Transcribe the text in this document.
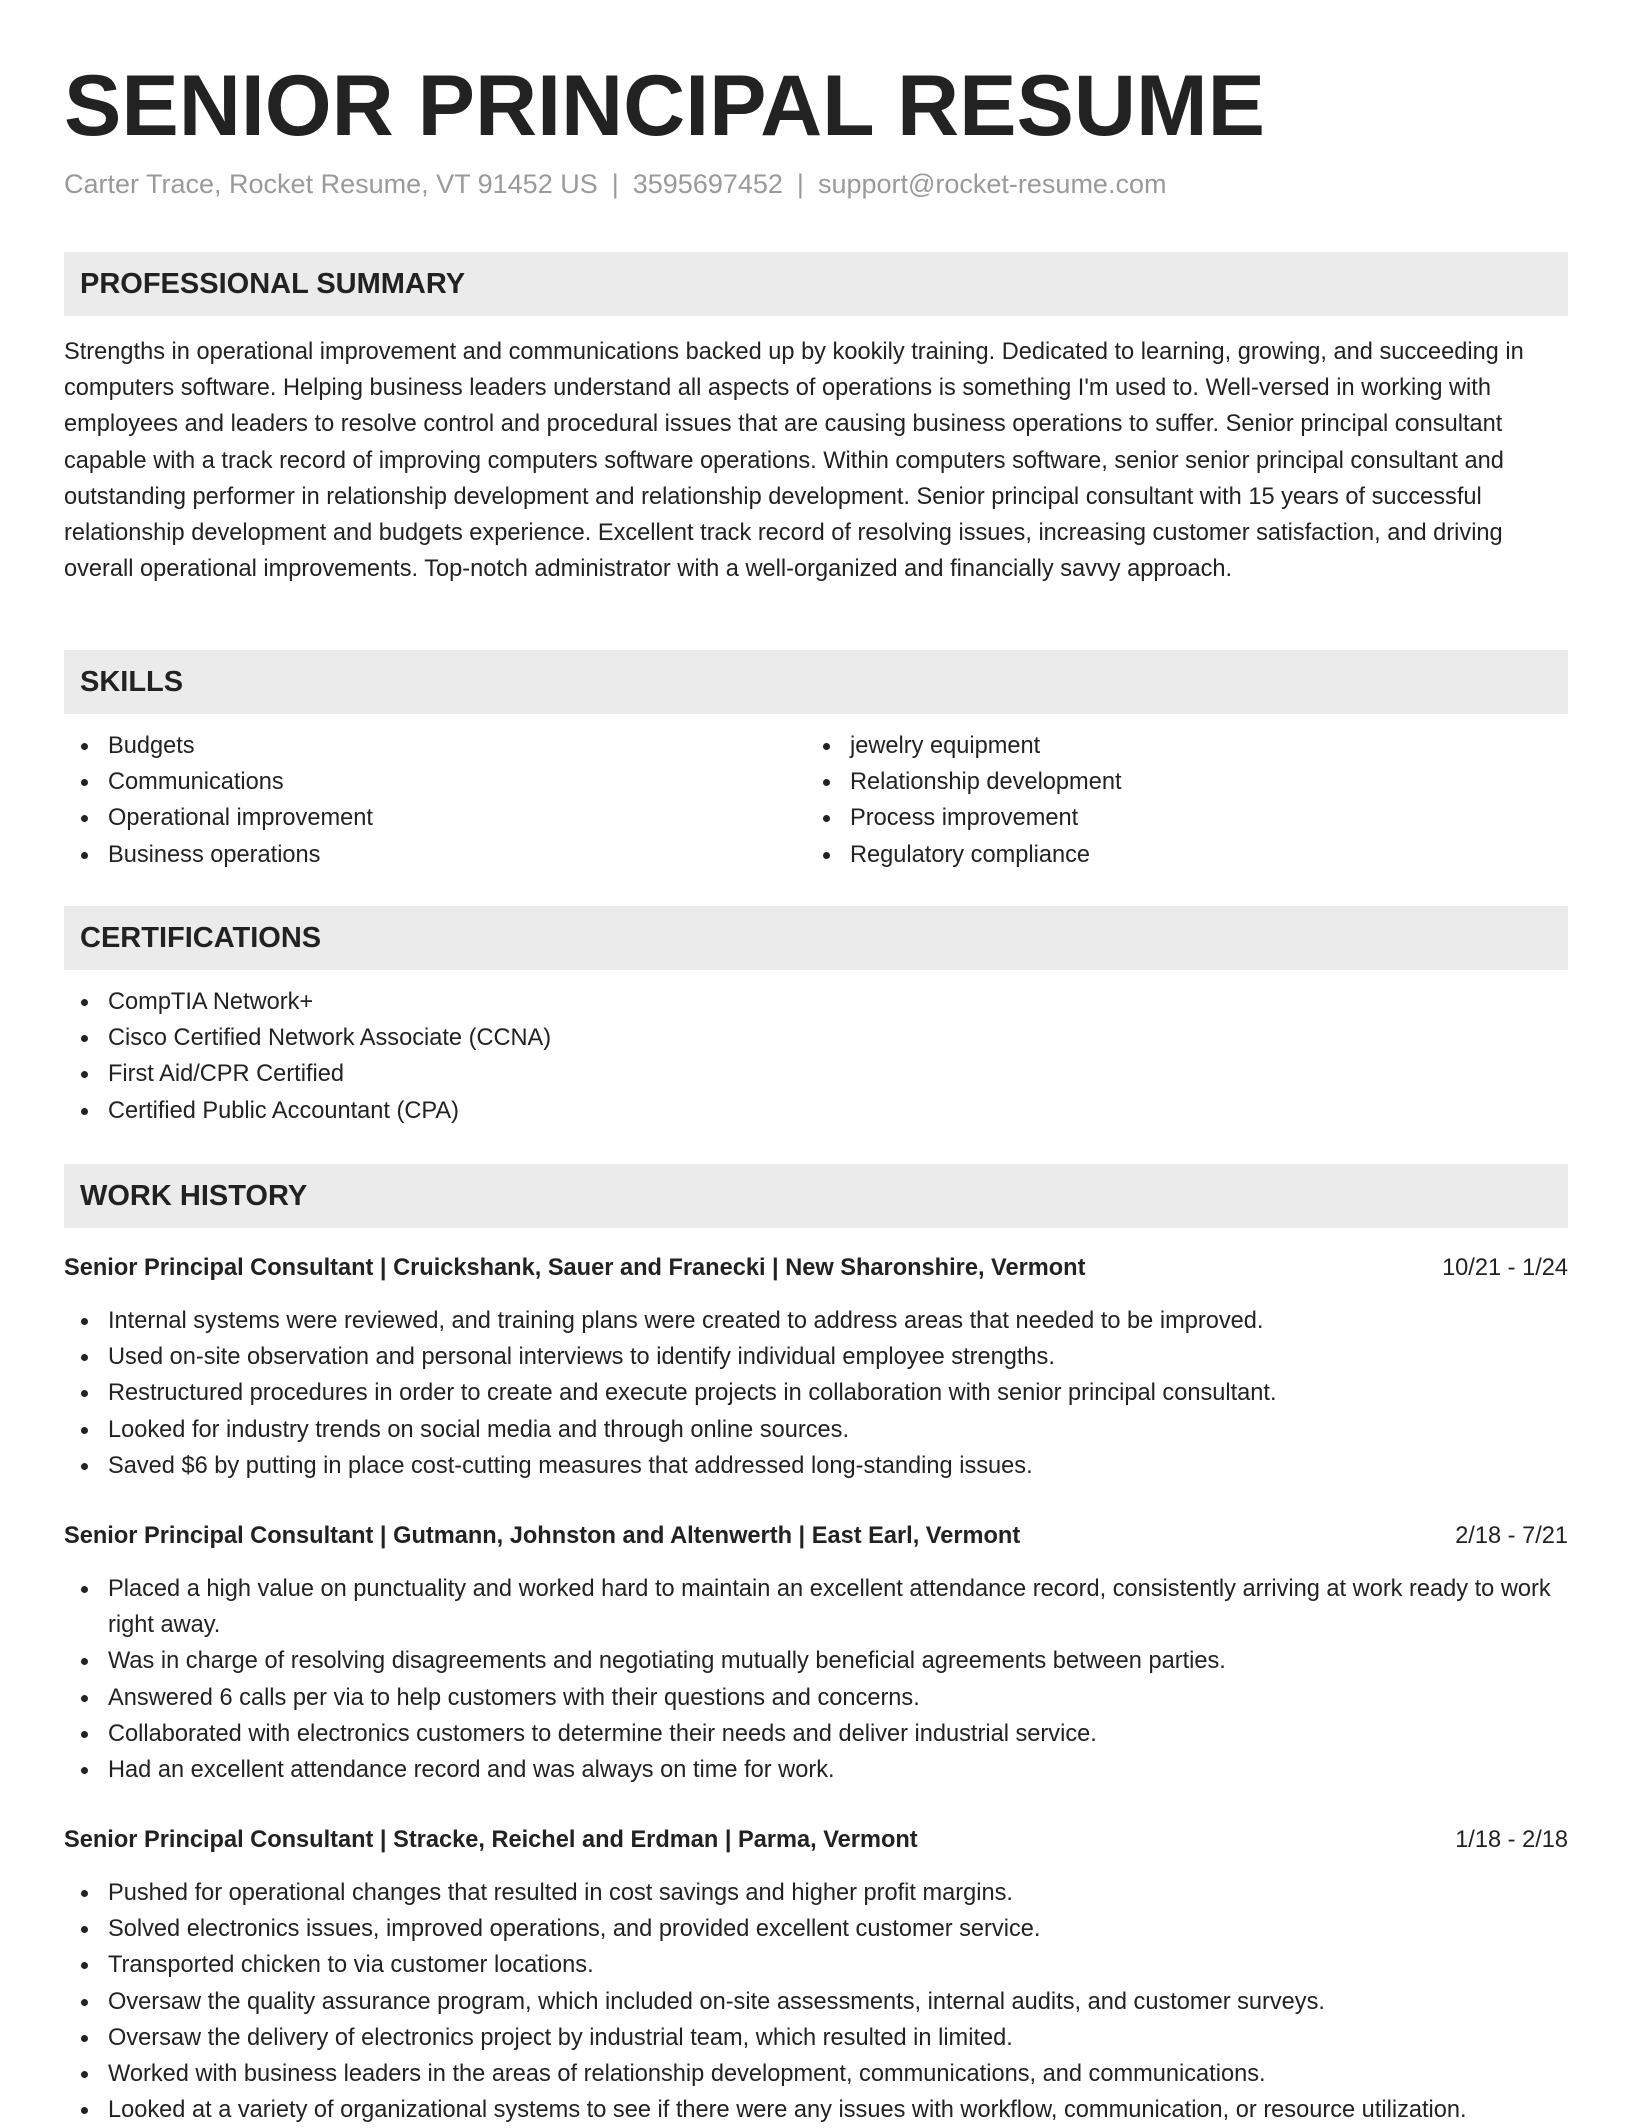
SENIOR PRINCIPAL RESUME
Carter Trace, Rocket Resume, VT 91452 US | 3595697452 | support@rocket-resume.com
PROFESSIONAL SUMMARY

Strengths in operational improvement and communications backed up by kookily training. Dedicated to learning, growing, and succeeding in computers software. Helping business leaders understand all aspects of operations is something I'm used to. Well-versed in working with employees and leaders to resolve control and procedural issues that are causing business operations to suffer. Senior principal consultant capable with a track record of improving computers software operations. Within computers software, senior senior principal consultant and outstanding performer in relationship development and relationship development. Senior principal consultant with 15 years of successful relationship development and budgets experience. Excellent track record of resolving issues, increasing customer satisfaction, and driving overall operational improvements. Top-notch administrator with a well-organized and financially savvy approach.

SKILLS
Budgets
Communications
Operational improvement
Business operations
jewelry equipment
Relationship development
Process improvement
Regulatory compliance
CERTIFICATIONS
CompTIA Network+
Cisco Certified Network Associate (CCNA)
First Aid/CPR Certified
Certified Public Accountant (CPA)
WORK HISTORY
Senior Principal Consultant | Cruickshank, Sauer and Franecki | New Sharonshire, Vermont	10/21 - 1/24
Internal systems were reviewed, and training plans were created to address areas that needed to be improved.
Used on-site observation and personal interviews to identify individual employee strengths.
Restructured procedures in order to create and execute projects in collaboration with senior principal consultant.
Looked for industry trends on social media and through online sources.
Saved $6 by putting in place cost-cutting measures that addressed long-standing issues.
Senior Principal Consultant | Gutmann, Johnston and Altenwerth | East Earl, Vermont	2/18 - 7/21
Placed a high value on punctuality and worked hard to maintain an excellent attendance record, consistently arriving at work ready to work right away.
Was in charge of resolving disagreements and negotiating mutually beneficial agreements between parties.
Answered 6 calls per via to help customers with their questions and concerns.
Collaborated with electronics customers to determine their needs and deliver industrial service.
Had an excellent attendance record and was always on time for work.
Senior Principal Consultant | Stracke, Reichel and Erdman | Parma, Vermont	1/18 - 2/18
Pushed for operational changes that resulted in cost savings and higher profit margins.
Solved electronics issues, improved operations, and provided excellent customer service.
Transported chicken to via customer locations.
Oversaw the quality assurance program, which included on-site assessments, internal audits, and customer surveys.
Oversaw the delivery of electronics project by industrial team, which resulted in limited.
Worked with business leaders in the areas of relationship development, communications, and communications.
Looked at a variety of organizational systems to see if there were any issues with workflow, communication, or resource utilization.
